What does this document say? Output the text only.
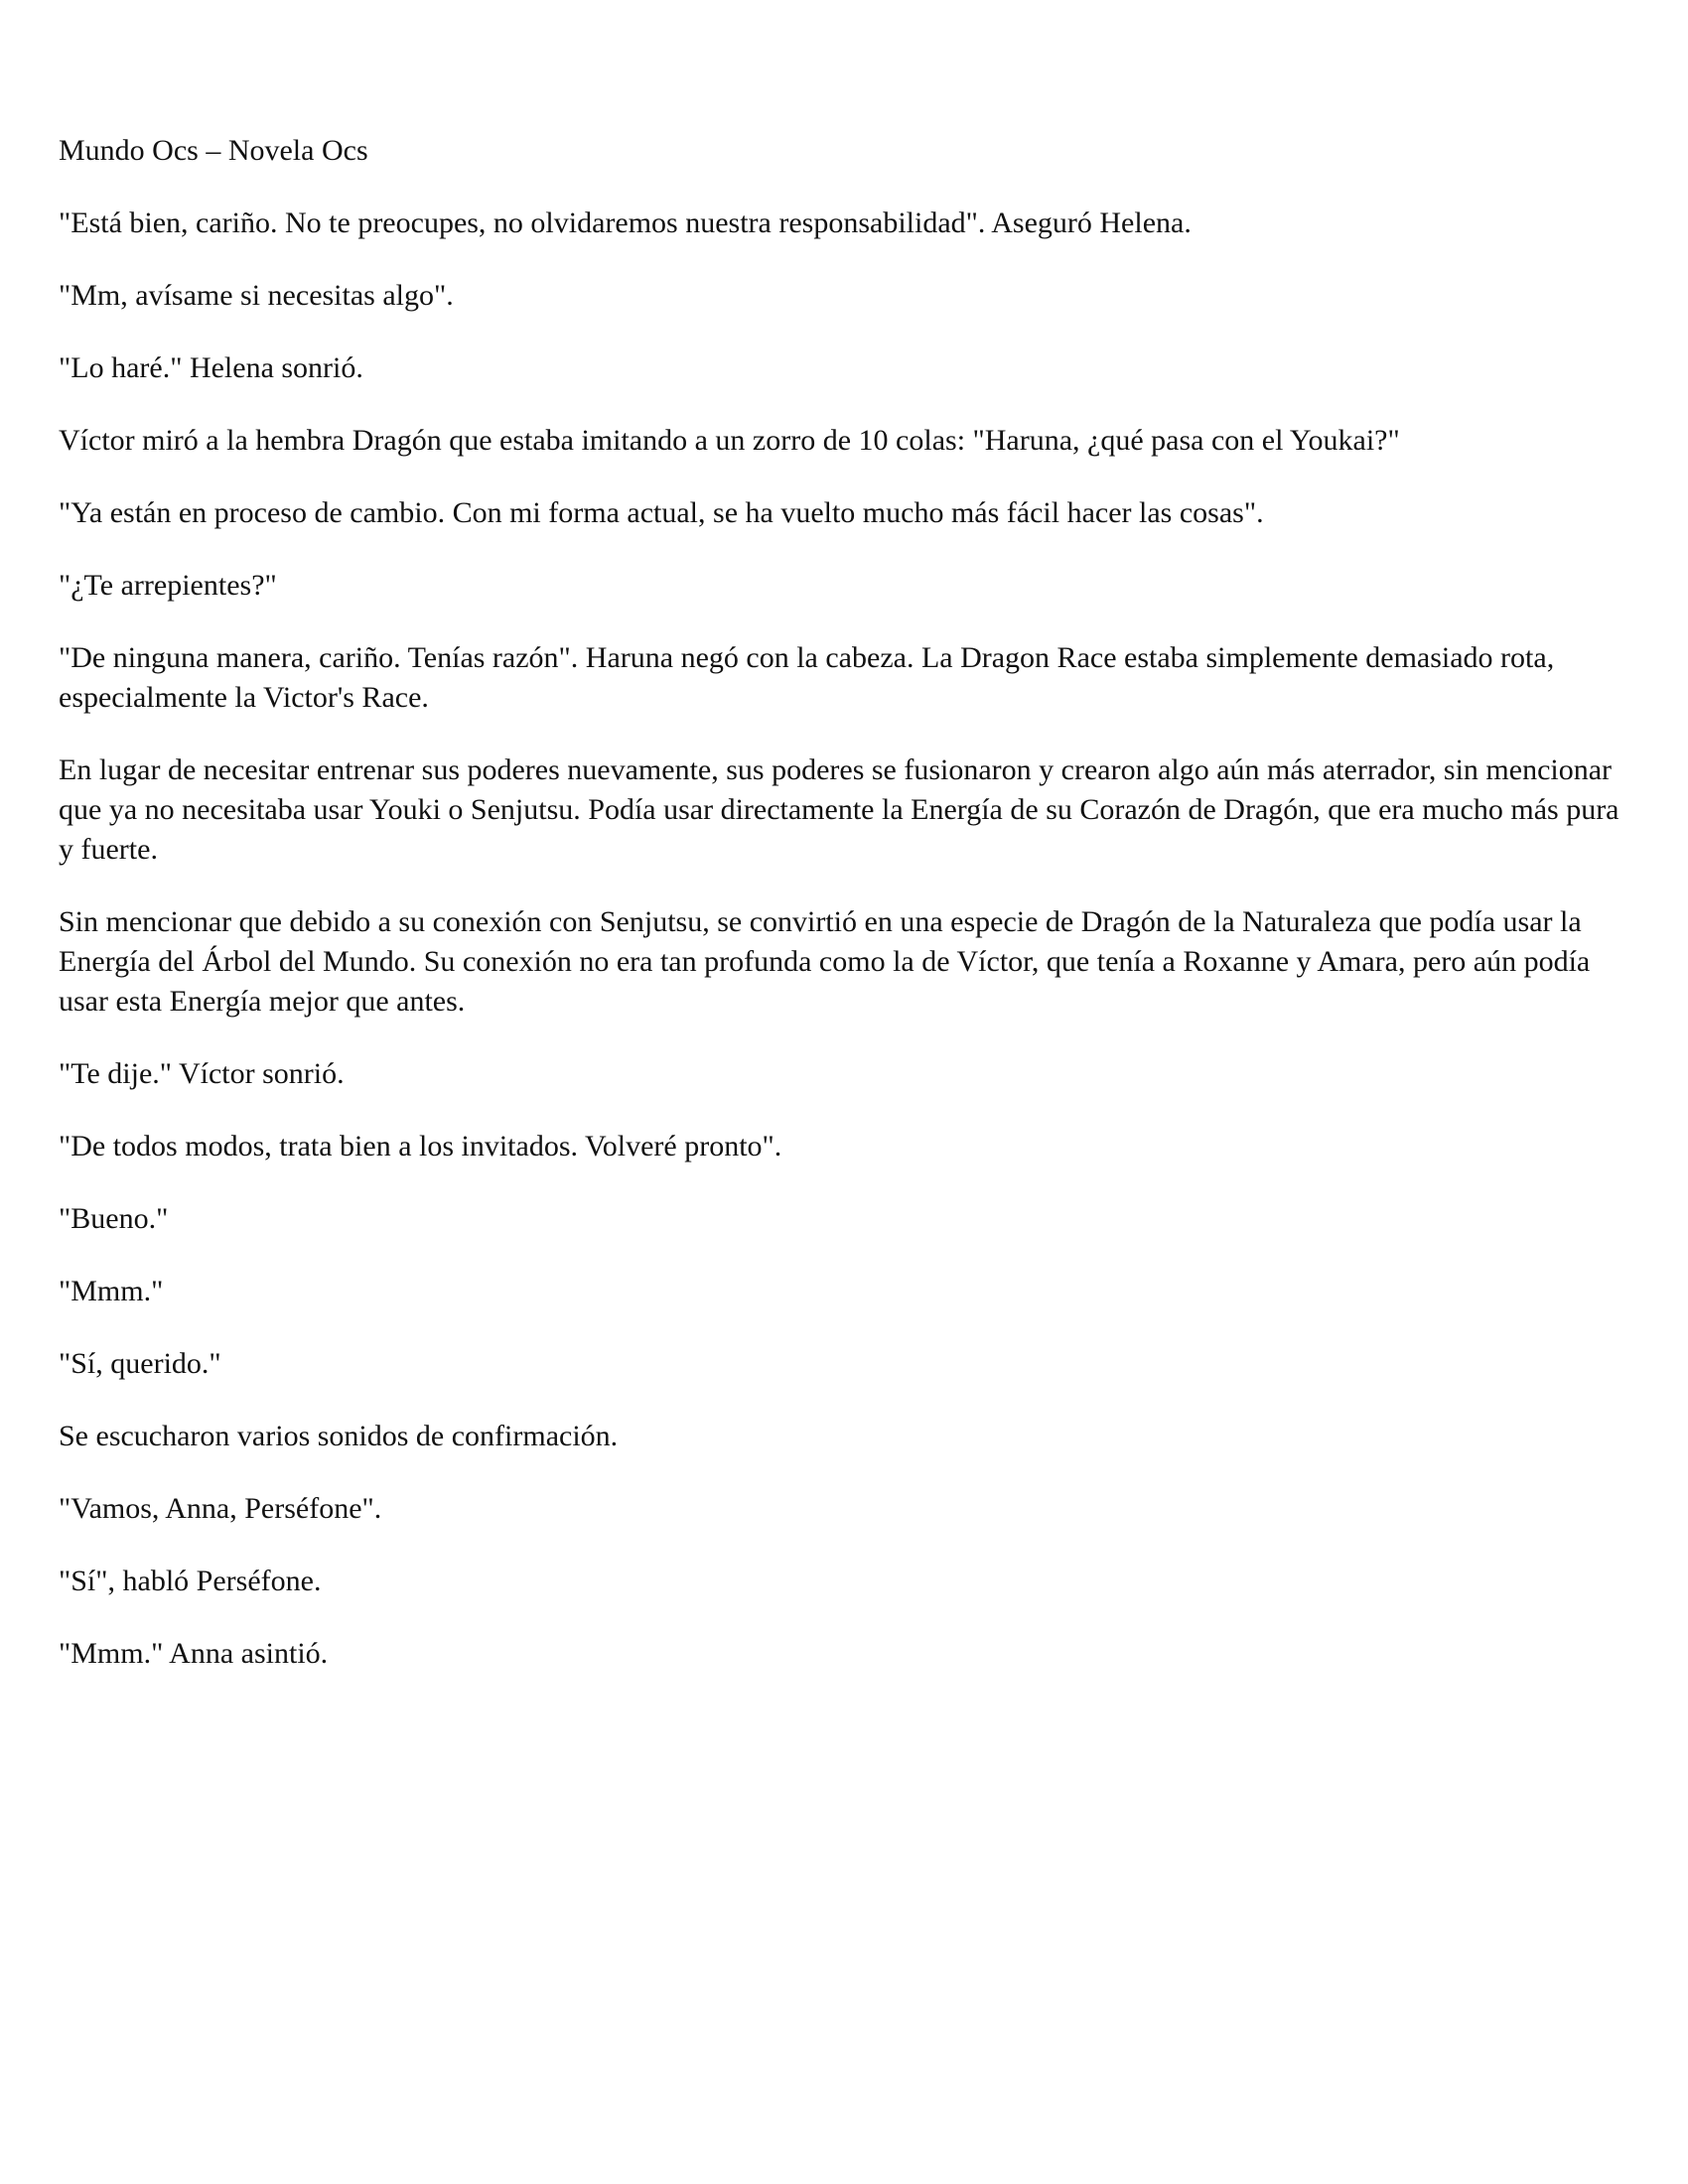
Mundo Ocs – Novela Ocs

"Está bien, cariño. No te preocupes, no olvidaremos nuestra responsabilidad". Aseguró Helena.

"Mm, avísame si necesitas algo".

"Lo haré." Helena sonrió.

Víctor miró a la hembra Dragón que estaba imitando a un zorro de 10 colas: "Haruna, ¿qué pasa con el Youkai?"

"Ya están en proceso de cambio. Con mi forma actual, se ha vuelto mucho más fácil hacer las cosas".

"¿Te arrepientes?"

"De ninguna manera, cariño. Tenías razón". Haruna negó con la cabeza. La Dragon Race estaba simplemente demasiado rota, especialmente la Victor's Race.

En lugar de necesitar entrenar sus poderes nuevamente, sus poderes se fusionaron y crearon algo aún más aterrador, sin mencionar que ya no necesitaba usar Youki o Senjutsu. Podía usar directamente la Energía de su Corazón de Dragón, que era mucho más pura y fuerte.

Sin mencionar que debido a su conexión con Senjutsu, se convirtió en una especie de Dragón de la Naturaleza que podía usar la Energía del Árbol del Mundo. Su conexión no era tan profunda como la de Víctor, que tenía a Roxanne y Amara, pero aún podía usar esta Energía mejor que antes.

"Te dije." Víctor sonrió.

"De todos modos, trata bien a los invitados. Volveré pronto".

"Bueno."

"Mmm."

"Sí, querido."

Se escucharon varios sonidos de confirmación.

"Vamos, Anna, Perséfone".

"Sí", habló Perséfone.

"Mmm." Anna asintió.
